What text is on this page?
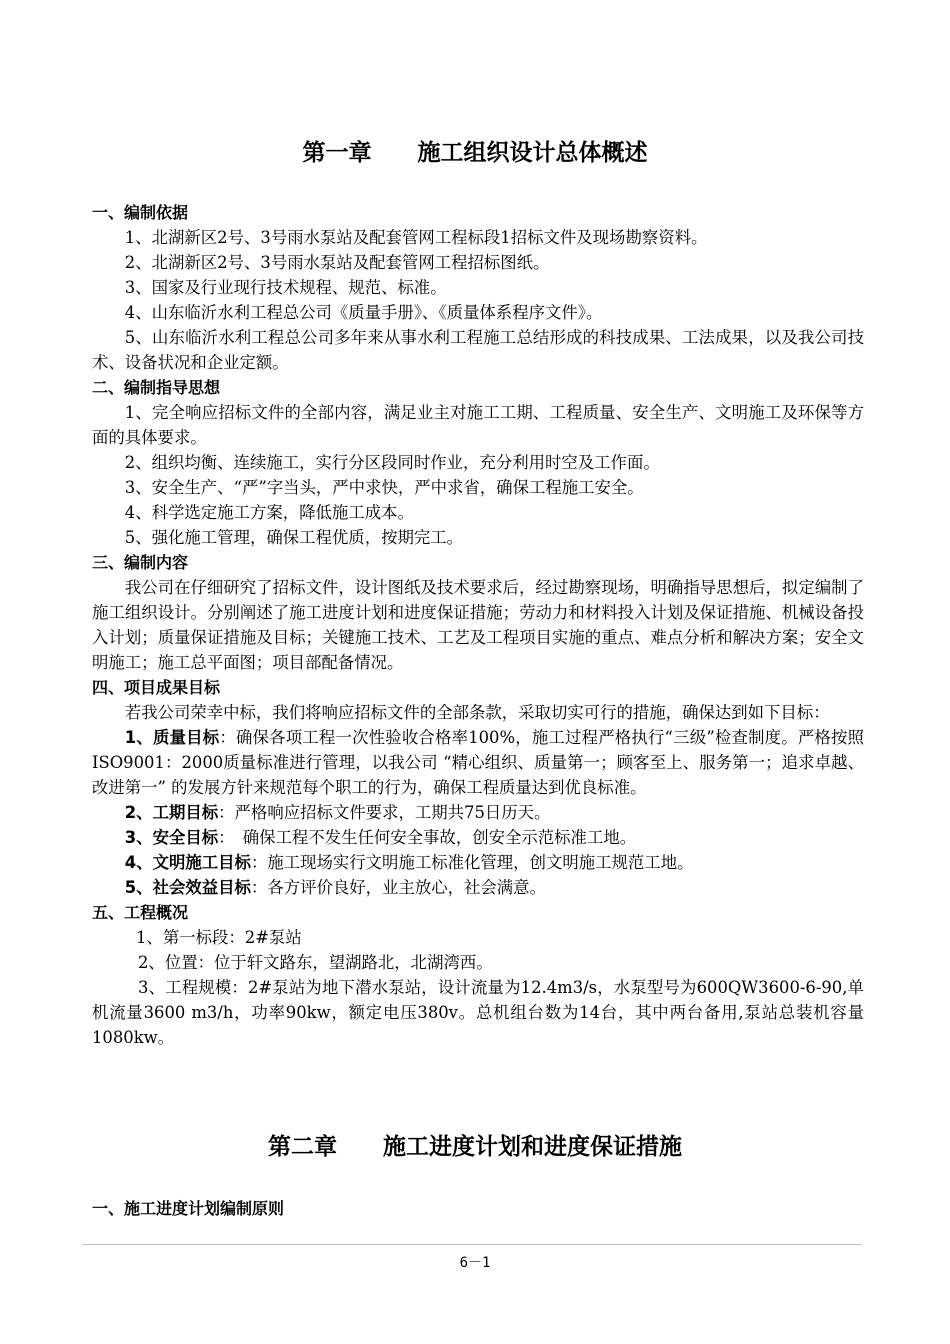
第一章　　施工组织设计总体概述

一、编制依据

1、北湖新区2号、3号雨水泵站及配套管网工程标段1招标文件及现场勘察资料。

2、北湖新区2号、3号雨水泵站及配套管网工程招标图纸。

3、国家及行业现行技术规程、规范、标准。

4、山东临沂水利工程总公司《质量手册》、《质量体系程序文件》。

5、山东临沂水利工程总公司多年来从事水利工程施工总结形成的科技成果、工法成果，以及我公司技术、设备状况和企业定额。

二、编制指导思想

1、完全响应招标文件的全部内容，满足业主对施工工期、工程质量、安全生产、文明施工及环保等方面的具体要求。

2、组织均衡、连续施工，实行分区段同时作业，充分利用时空及工作面。

3、安全生产、“严”字当头，严中求快，严中求省，确保工程施工安全。

4、科学选定施工方案，降低施工成本。

5、强化施工管理，确保工程优质，按期完工。

三、编制内容

我公司在仔细研究了招标文件，设计图纸及技术要求后，经过勘察现场，明确指导思想后，拟定编制了施工组织设计。分别阐述了施工进度计划和进度保证措施；劳动力和材料投入计划及保证措施、机械设备投入计划；质量保证措施及目标；关键施工技术、工艺及工程项目实施的重点、难点分析和解决方案；安全文明施工；施工总平面图；项目部配备情况。

四、项目成果目标

若我公司荣幸中标，我们将响应招标文件的全部条款，采取切实可行的措施，确保达到如下目标：

1、质量目标：确保各项工程一次性验收合格率100%，施工过程严格执行“三级”检查制度。严格按照ISO9001：2000质量标准进行管理，以我公司 “精心组织、质量第一；顾客至上、服务第一；追求卓越、改进第一” 的发展方针来规范每个职工的行为，确保工程质量达到优良标准。

2、工期目标：严格响应招标文件要求，工期共75日历天。

3、安全目标：　确保工程不发生任何安全事故，创安全示范标准工地。

4、文明施工目标：施工现场实行文明施工标准化管理，创文明施工规范工地。

5、社会效益目标：各方评价良好，业主放心，社会满意。

五、工程概况

1、第一标段：2#泵站

2、位置：位于轩文路东，望湖路北，北湖湾西。

3、工程规模：2#泵站为地下潜水泵站，设计流量为12.4m3/s，水泵型号为600QW3600-6-90,单机流量3600 m3/h，功率90kw，额定电压380v。总机组台数为14台，其中两台备用,泵站总装机容量1080kw。

第二章　　施工进度计划和进度保证措施
一、施工进度计划编制原则
6－1
